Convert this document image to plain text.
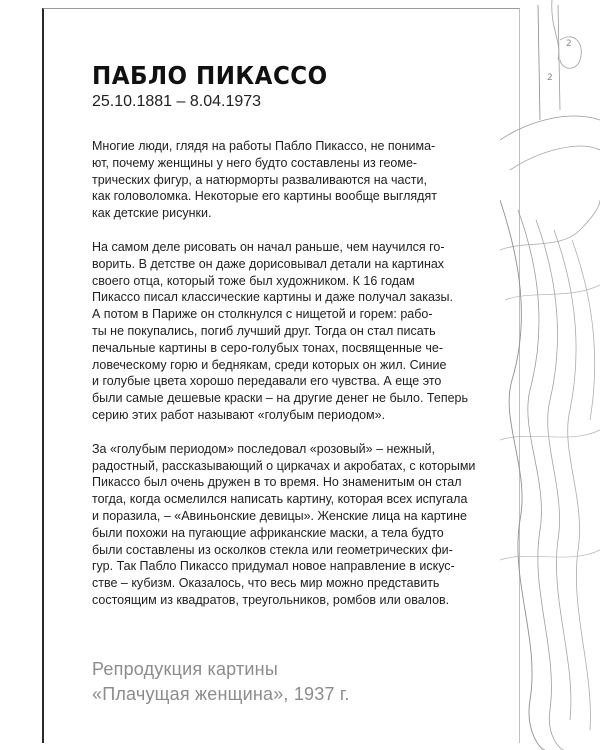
2
2
ПАБЛО ПИКАССО
25.10.1881 – 8.04.1973

Многие люди, глядя на работы Пабло Пикассо, не понима-
ют, почему женщины у него будто составлены из геоме-
трических фигур, а натюрморты разваливаются на части,
как головоломка. Некоторые его картины вообще выглядят
как детские рисунки.

На самом деле рисовать он начал раньше, чем научился го-
ворить. В детстве он даже дорисовывал детали на картинах
своего отца, который тоже был художником. К 16 годам
Пикассо писал классические картины и даже получал заказы.
А потом в Париже он столкнулся с нищетой и горем: рабо-
ты не покупались, погиб лучший друг. Тогда он стал писать
печальные картины в серо-голубых тонах, посвященные че-
ловеческому горю и беднякам, среди которых он жил. Синие
и голубые цвета хорошо передавали его чувства. А еще это
были самые дешевые краски – на другие денег не было. Теперь
серию этих работ называют «голубым периодом».

За «голубым периодом» последовал «розовый» – нежный,
радостный, рассказывающий о циркачах и акробатах, с которыми
Пикассо был очень дружен в то время. Но знаменитым он стал
тогда, когда осмелился написать картину, которая всех испугала
и поразила, – «Авиньонские девицы». Женские лица на картине
были похожи на пугающие африканские маски, а тела будто
были составлены из осколков стекла или геометрических фи-
гур. Так Пабло Пикассо придумал новое направление в искус-
стве – кубизм. Оказалось, что весь мир можно представить
состоящим из квадратов, треугольников, ромбов или овалов.

Репродукция картины
«Плачущая женщина», 1937 г.
